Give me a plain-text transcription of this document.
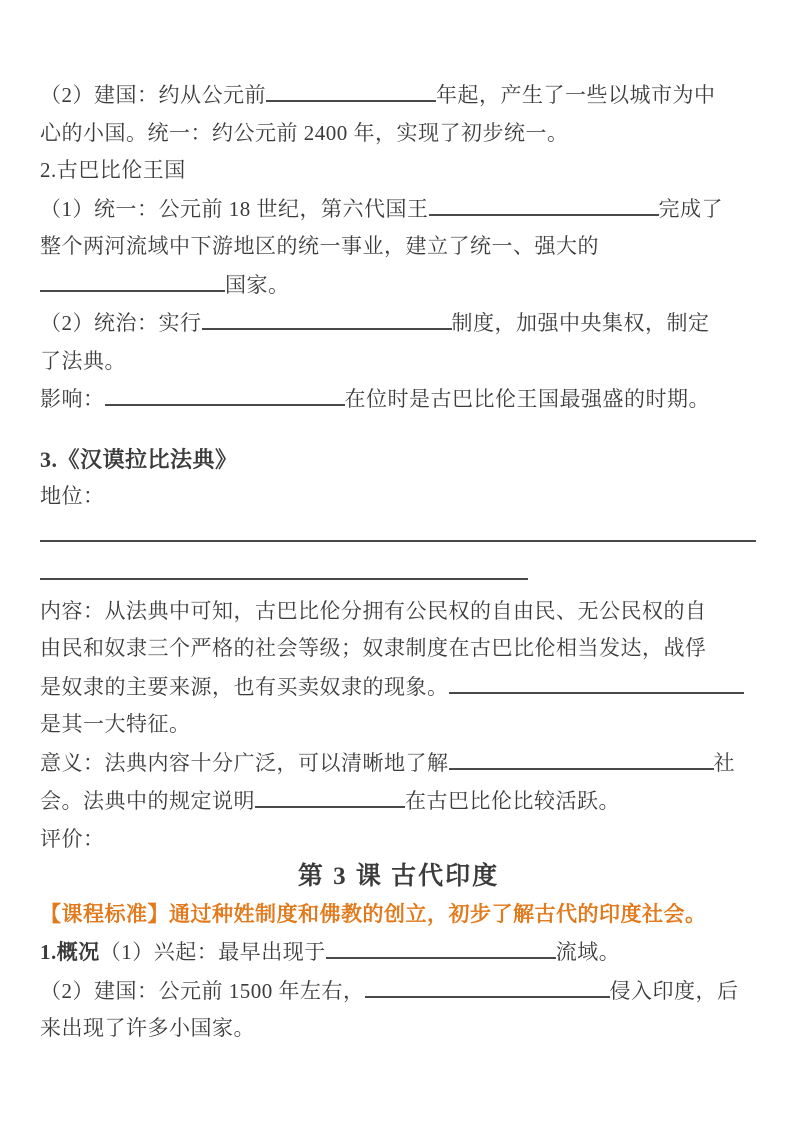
（2）建国：约从公元前	年起，产生了一些以城市为中
心的小国。统一：约公元前 2400 年，实现了初步统一。
2.古巴比伦王国
（1）统一：公元前 18 世纪，第六代国王	完成了
整个两河流域中下游地区的统一事业，建立了统一、强大的
国家。
（2）统治：实行	制度，加强中央集权，制定
了法典。
影响：	在位时是古巴比伦王国最强盛的时期。
3.《汉谟拉比法典》
地位：
内容：从法典中可知，古巴比伦分拥有公民权的自由民、无公民权的自
由民和奴隶三个严格的社会等级；奴隶制度在古巴比伦相当发达，战俘
是奴隶的主要来源，也有买卖奴隶的现象。
是其一大特征。
意义：法典内容十分广泛，可以清晰地了解	社
会。法典中的规定说明	在古巴比伦比较活跃。
评价：
第 3 课 古代印度
【课程标准】通过种姓制度和佛教的创立，初步了解古代的印度社会。
1.概况（1）兴起：最早出现于	流域。
（2）建国：公元前 1500 年左右，	侵入印度，后
来出现了许多小国家。
